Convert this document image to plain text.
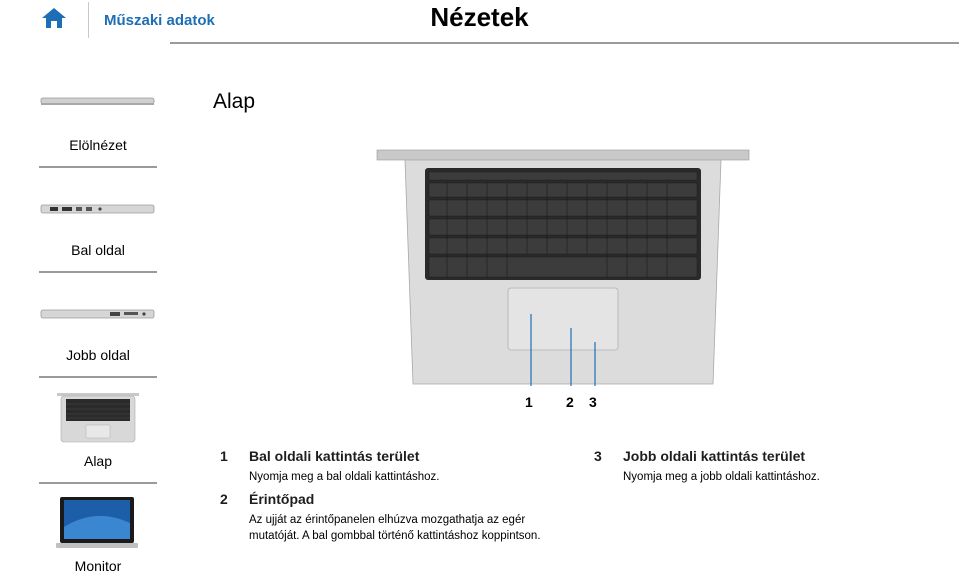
Műszaki adatok	Nézetek
Elölnézet
Bal oldal
Jobb oldal
Alap
Monitor
Alap
1 2 3
1 Bal oldali kattintás terület
Nyomja meg a bal oldali kattintáshoz.
2 Érintőpad
Az ujját az érintőpanelen elhúzva mozgathatja az egér mutatóját. A bal gombbal történő kattintáshoz koppintson.
3 Jobb oldali kattintás terület
Nyomja meg a jobb oldali kattintáshoz.
